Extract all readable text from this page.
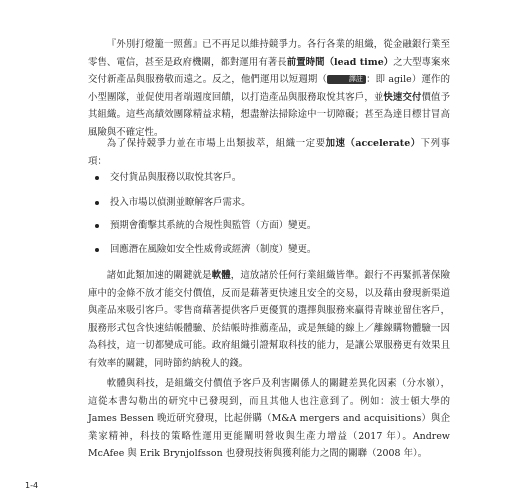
『外別打燈籠一照舊』已不再足以維持競爭力。各行各業的組織，從金融銀行業至零售、電信，甚至是政府機關，都對運用有著長前置時間（lead time）之大型專案來交付新產品與服務敬而遠之。反之，他們運用以短週期（	譯註 ：即 agile）運作的小型團隊，並促使用者端週度回饋，以打造產品與服務取悅其客戶，並快速交付價值予其組織。這些高績效團隊精益求精，想盡辦法掃除途中一切障礙；甚至為達目標甘冒高風險與不確定性。

為了保持競爭力並在市場上出類拔萃，組織一定要加速（accelerate）下列事項：

交付貨品與服務以取悅其客戶。
投入市場以偵測並瞭解客戶需求。
預期會衝擊其系統的合規性與監管（方面）變更。
回應潛在風險如安全性威脅或經濟（制度）變更。

諸如此類加速的關鍵就是軟體，這放諸於任何行業組織皆準。銀行不再緊抓著保險庫中的金條不放才能交付價值，反而是藉著更快速且安全的交易，以及藉由發現新渠道與產品來吸引客戶。零售商藉著提供客戶更優質的選擇與服務來贏得青睞並留住客戶，服務形式包含快速結帳體驗、於結帳時推薦產品，或是無縫的線上／離線購物體驗一因為科技，這一切都變成可能。政府組織引證幫取科技的能力，是讓公眾服務更有效果且有效率的關鍵，同時節約納稅人的錢。

軟體與科技，是組織交付價值予客戶及利害關係人的關鍵差異化因素（分水嶺），這從本書勾勒出的研究中已發現到，而且其他人也注意到了。例如：波士頓大學的 James Bessen 晚近研究發現，比起併購（M&A mergers and acquisitions）與企業家精神，科技的策略性運用更能闡明營收與生產力增益（2017 年）。Andrew McAfee 與 Erik Brynjolfsson 也發現技術與獲利能力之間的關聯（2008 年）。

1-4
